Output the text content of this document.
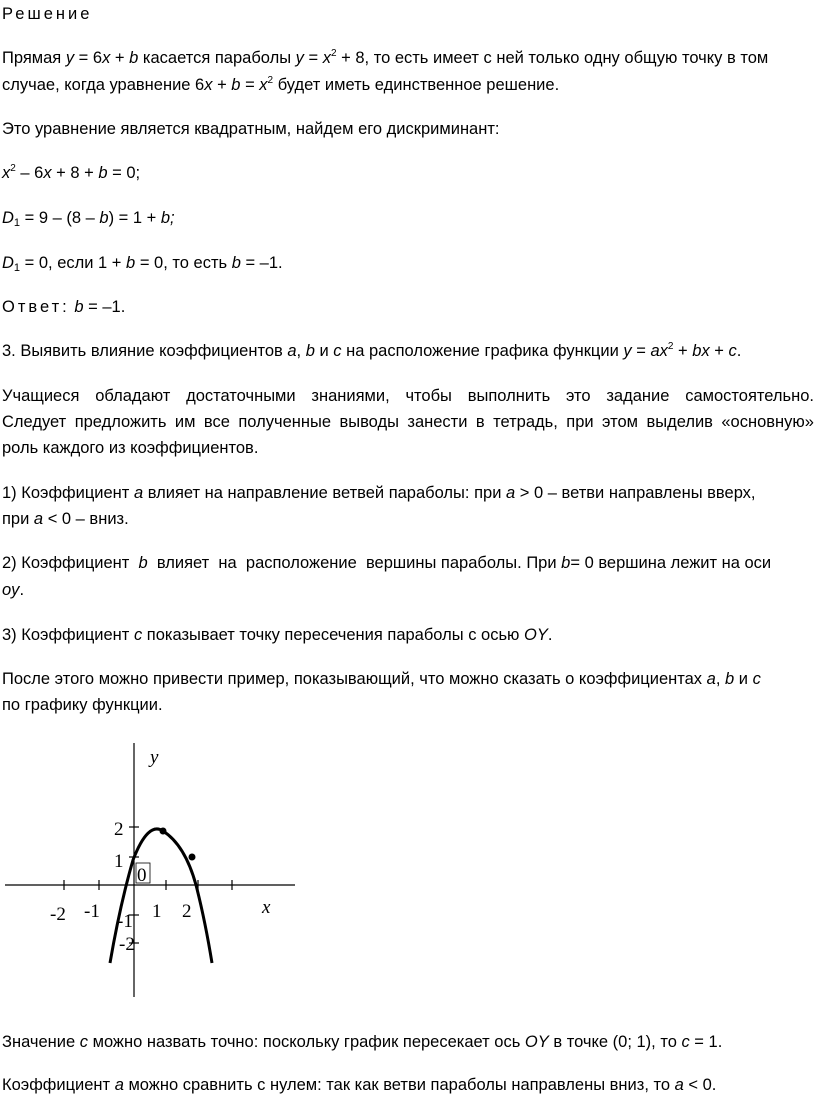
Решение
Прямая y = 6x + b касается параболы $y = x^2 + 8$, то есть имеет с ней только одну общую точку в том
случае, когда уравнение $6x + b = x^2$ будет иметь единственное решение.
Это уравнение является квадратным, найдем его дискриминант:
$x^2 - 6x + 8 + b = 0$;
$D_1 = 9 - (8 - b) = 1 + b$;
$D_1 = 0$, если 1 + b = 0, то есть b = –1.
Ответ: b = –1.
3. Выявить влияние коэффициентов a, b и c на расположение графика функции $y = ax^2$ + bx + c.
Учащиеся обладают достаточными знаниями, чтобы выполнить это задание самостоятельно.
Следует предложить им все полученные выводы занести в тетрадь, при этом выделив «основную»
роль каждого из коэффициентов.
1) Коэффициент a влияет на направление ветвей параболы: при a > 0 – ветви направлены вверх,
при a < 0 – вниз.
2)
Коэффициент
b
влияет
на
расположение
вершины
параболы.
При
b = 0 вершина лежит на оси
oy.
3) Коэффициент c показывает точку пересечения параболы с осью OY.
После этого можно привести пример, показывающий, что можно сказать о коэффициентах a, b и c
по графику функции.
y
x
-2 -1	1 2
2
1
0
-1
-2
Значение c можно назвать точно: поскольку график пересекает ось OY в точке (0; 1), то c = 1.
Коэффициент a можно сравнить с нулем: так как ветви параболы направлены вниз, то a < 0.
